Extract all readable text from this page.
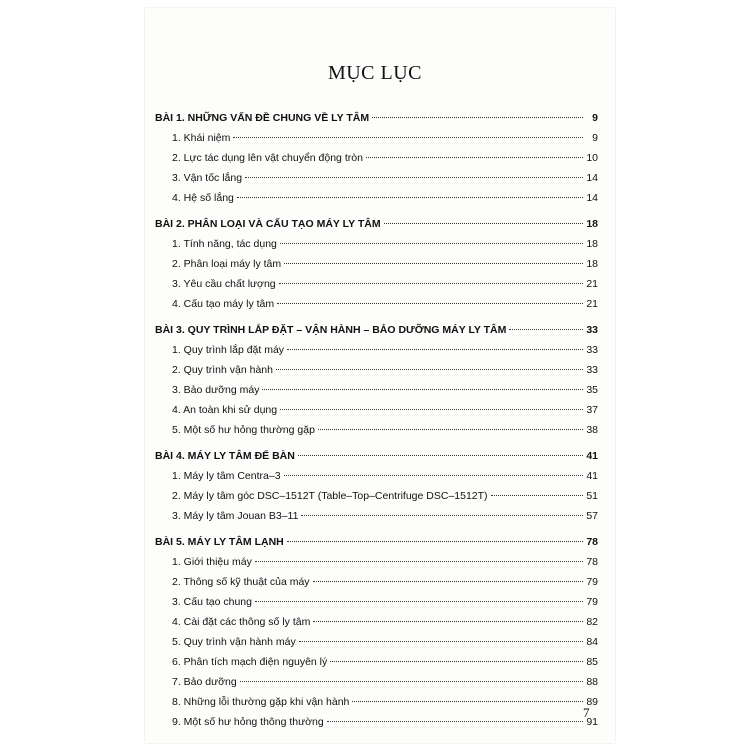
MỤC LỤC
BÀI 1. NHỮNG VẤN ĐỀ CHUNG VỀ LY TÂM	9
1. Khái niệm	9
2. Lực tác dụng lên vật chuyển động tròn	10
3. Vận tốc lắng	14
4. Hệ số lắng	14
BÀI 2. PHÂN LOẠI VÀ CẤU TẠO MÁY LY TÂM	18
1. Tính năng, tác dụng	18
2. Phân loại máy ly tâm	18
3. Yêu cầu chất lượng	21
4. Cấu tạo máy ly tâm	21
BÀI 3. QUY TRÌNH LẮP ĐẶT – VẬN HÀNH – BẢO DƯỠNG MÁY LY TÂM	33
1. Quy trình lắp đặt máy	33
2. Quy trình vận hành	33
3. Bảo dưỡng máy	35
4. An toàn khi sử dụng	37
5. Một số hư hỏng thường gặp	38
BÀI 4. MÁY LY TÂM ĐỂ BÀN	41
1. Máy ly tâm Centra–3	41
2. Máy ly tâm góc DSC–1512T (Table–Top–Centrifuge DSC–1512T)	51
3. Máy ly tâm Jouan B3–11	57
BÀI 5. MÁY LY TÂM LẠNH	78
1. Giới thiệu máy	78
2. Thông số kỹ thuật của máy	79
3. Cấu tạo chung	79
4. Cài đặt các thông số ly tâm	82
5. Quy trình vận hành máy	84
6. Phân tích mạch điện nguyên lý	85
7. Bảo dưỡng	88
8. Những lỗi thường gặp khi vận hành	89
9. Một số hư hỏng thông thường	91
7
